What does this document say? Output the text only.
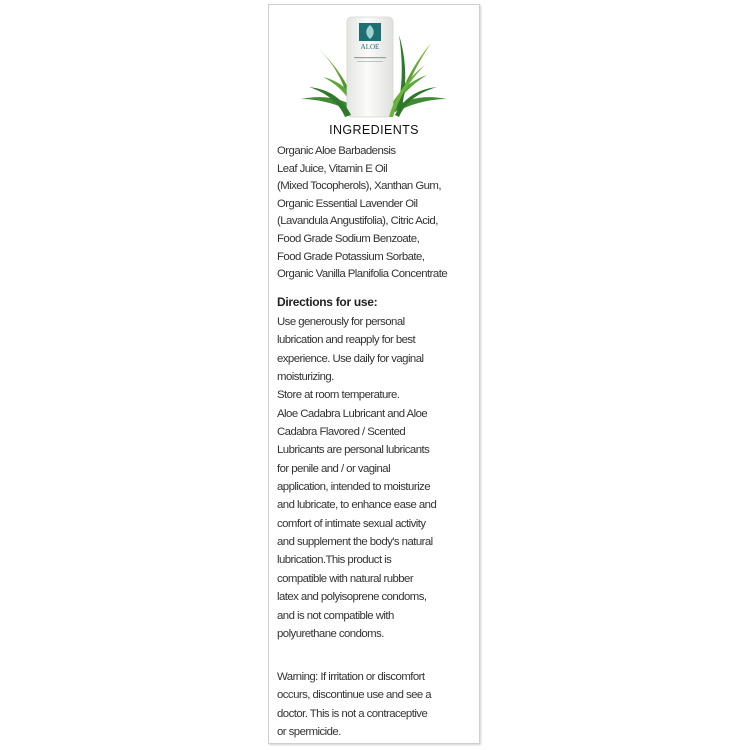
ALOE
INGREDIENTS

Organic Aloe Barbadensis
Leaf Juice, Vitamin E Oil
(Mixed Tocopherols), Xanthan Gum,
Organic Essential Lavender Oil
(Lavandula Angustifolia), Citric Acid,
Food Grade Sodium Benzoate,
Food Grade Potassium Sorbate,
Organic Vanilla Planifolia Concentrate

Directions for use:

Use generously for personal
lubrication and reapply for best
experience. Use daily for vaginal
moisturizing.
Store at room temperature.
Aloe Cadabra Lubricant and Aloe
Cadabra Flavored / Scented
Lubricants are personal lubricants
for penile and / or vaginal
application, intended to moisturize
and lubricate, to enhance ease and
comfort of intimate sexual activity
and supplement the body's natural
lubrication.This product is
compatible with natural rubber
latex and polyisoprene condoms,
and is not compatible with
polyurethane condoms.

Warning: If irritation or discomfort
occurs, discontinue use and see a
doctor. This is not a contraceptive
or spermicide.
